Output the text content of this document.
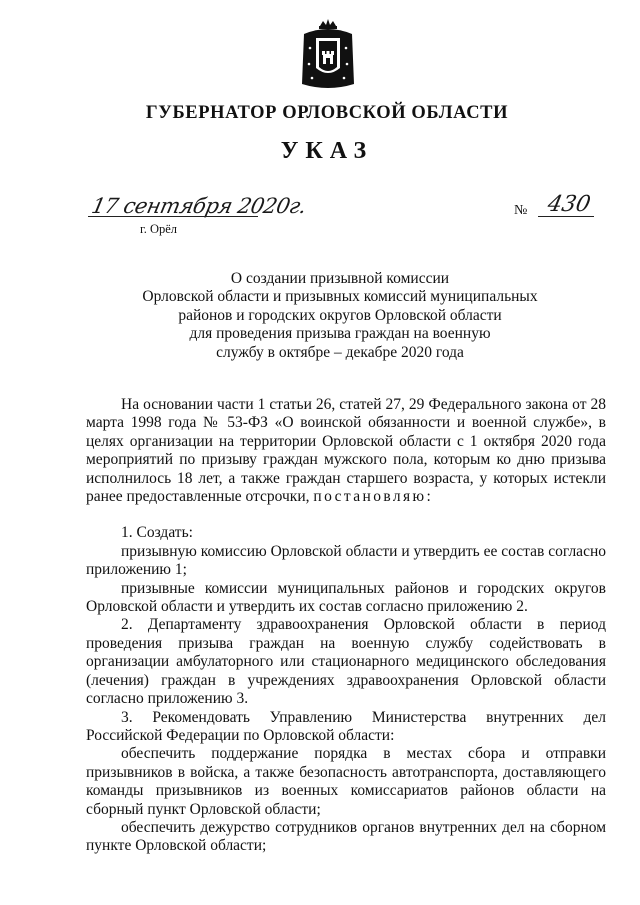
ГУБЕРНАТОР ОРЛОВСКОЙ ОБЛАСТИ
УКАЗ
17 сентября 2020г.
г. Орёл
№ 430
О создании призывной комиссии
Орловской области и призывных комиссий муниципальных
районов и городских округов Орловской области
для проведения призыва граждан на военную
службу в октябре – декабре 2020 года

На основании части 1 статьи 26, статей 27, 29 Федерального закона от 28 марта 1998 года № 53-ФЗ «О воинской обязанности и военной службе», в целях организации на территории Орловской области с 1 октября 2020 года мероприятий по призыву граждан мужского пола, которым ко дню призыва исполнилось 18 лет, а также граждан старшего возраста, у которых истекли ранее предоставленные отсрочки, постановляю:

1. Создать:

призывную комиссию Орловской области и утвердить ее состав согласно приложению 1;

призывные комиссии муниципальных районов и городских округов Орловской области и утвердить их состав согласно приложению 2.

2. Департаменту здравоохранения Орловской области в период проведения призыва граждан на военную службу содействовать в организации амбулаторного или стационарного медицинского обследования (лечения) граждан в учреждениях здравоохранения Орловской области согласно приложению 3.

3. Рекомендовать Управлению Министерства внутренних дел Российской Федерации по Орловской области:

обеспечить поддержание порядка в местах сбора и отправки призывников в войска, а также безопасность автотранспорта, доставляющего команды призывников из военных комиссариатов районов области на сборный пункт Орловской области;

обеспечить дежурство сотрудников органов внутренних дел на сборном пункте Орловской области;
